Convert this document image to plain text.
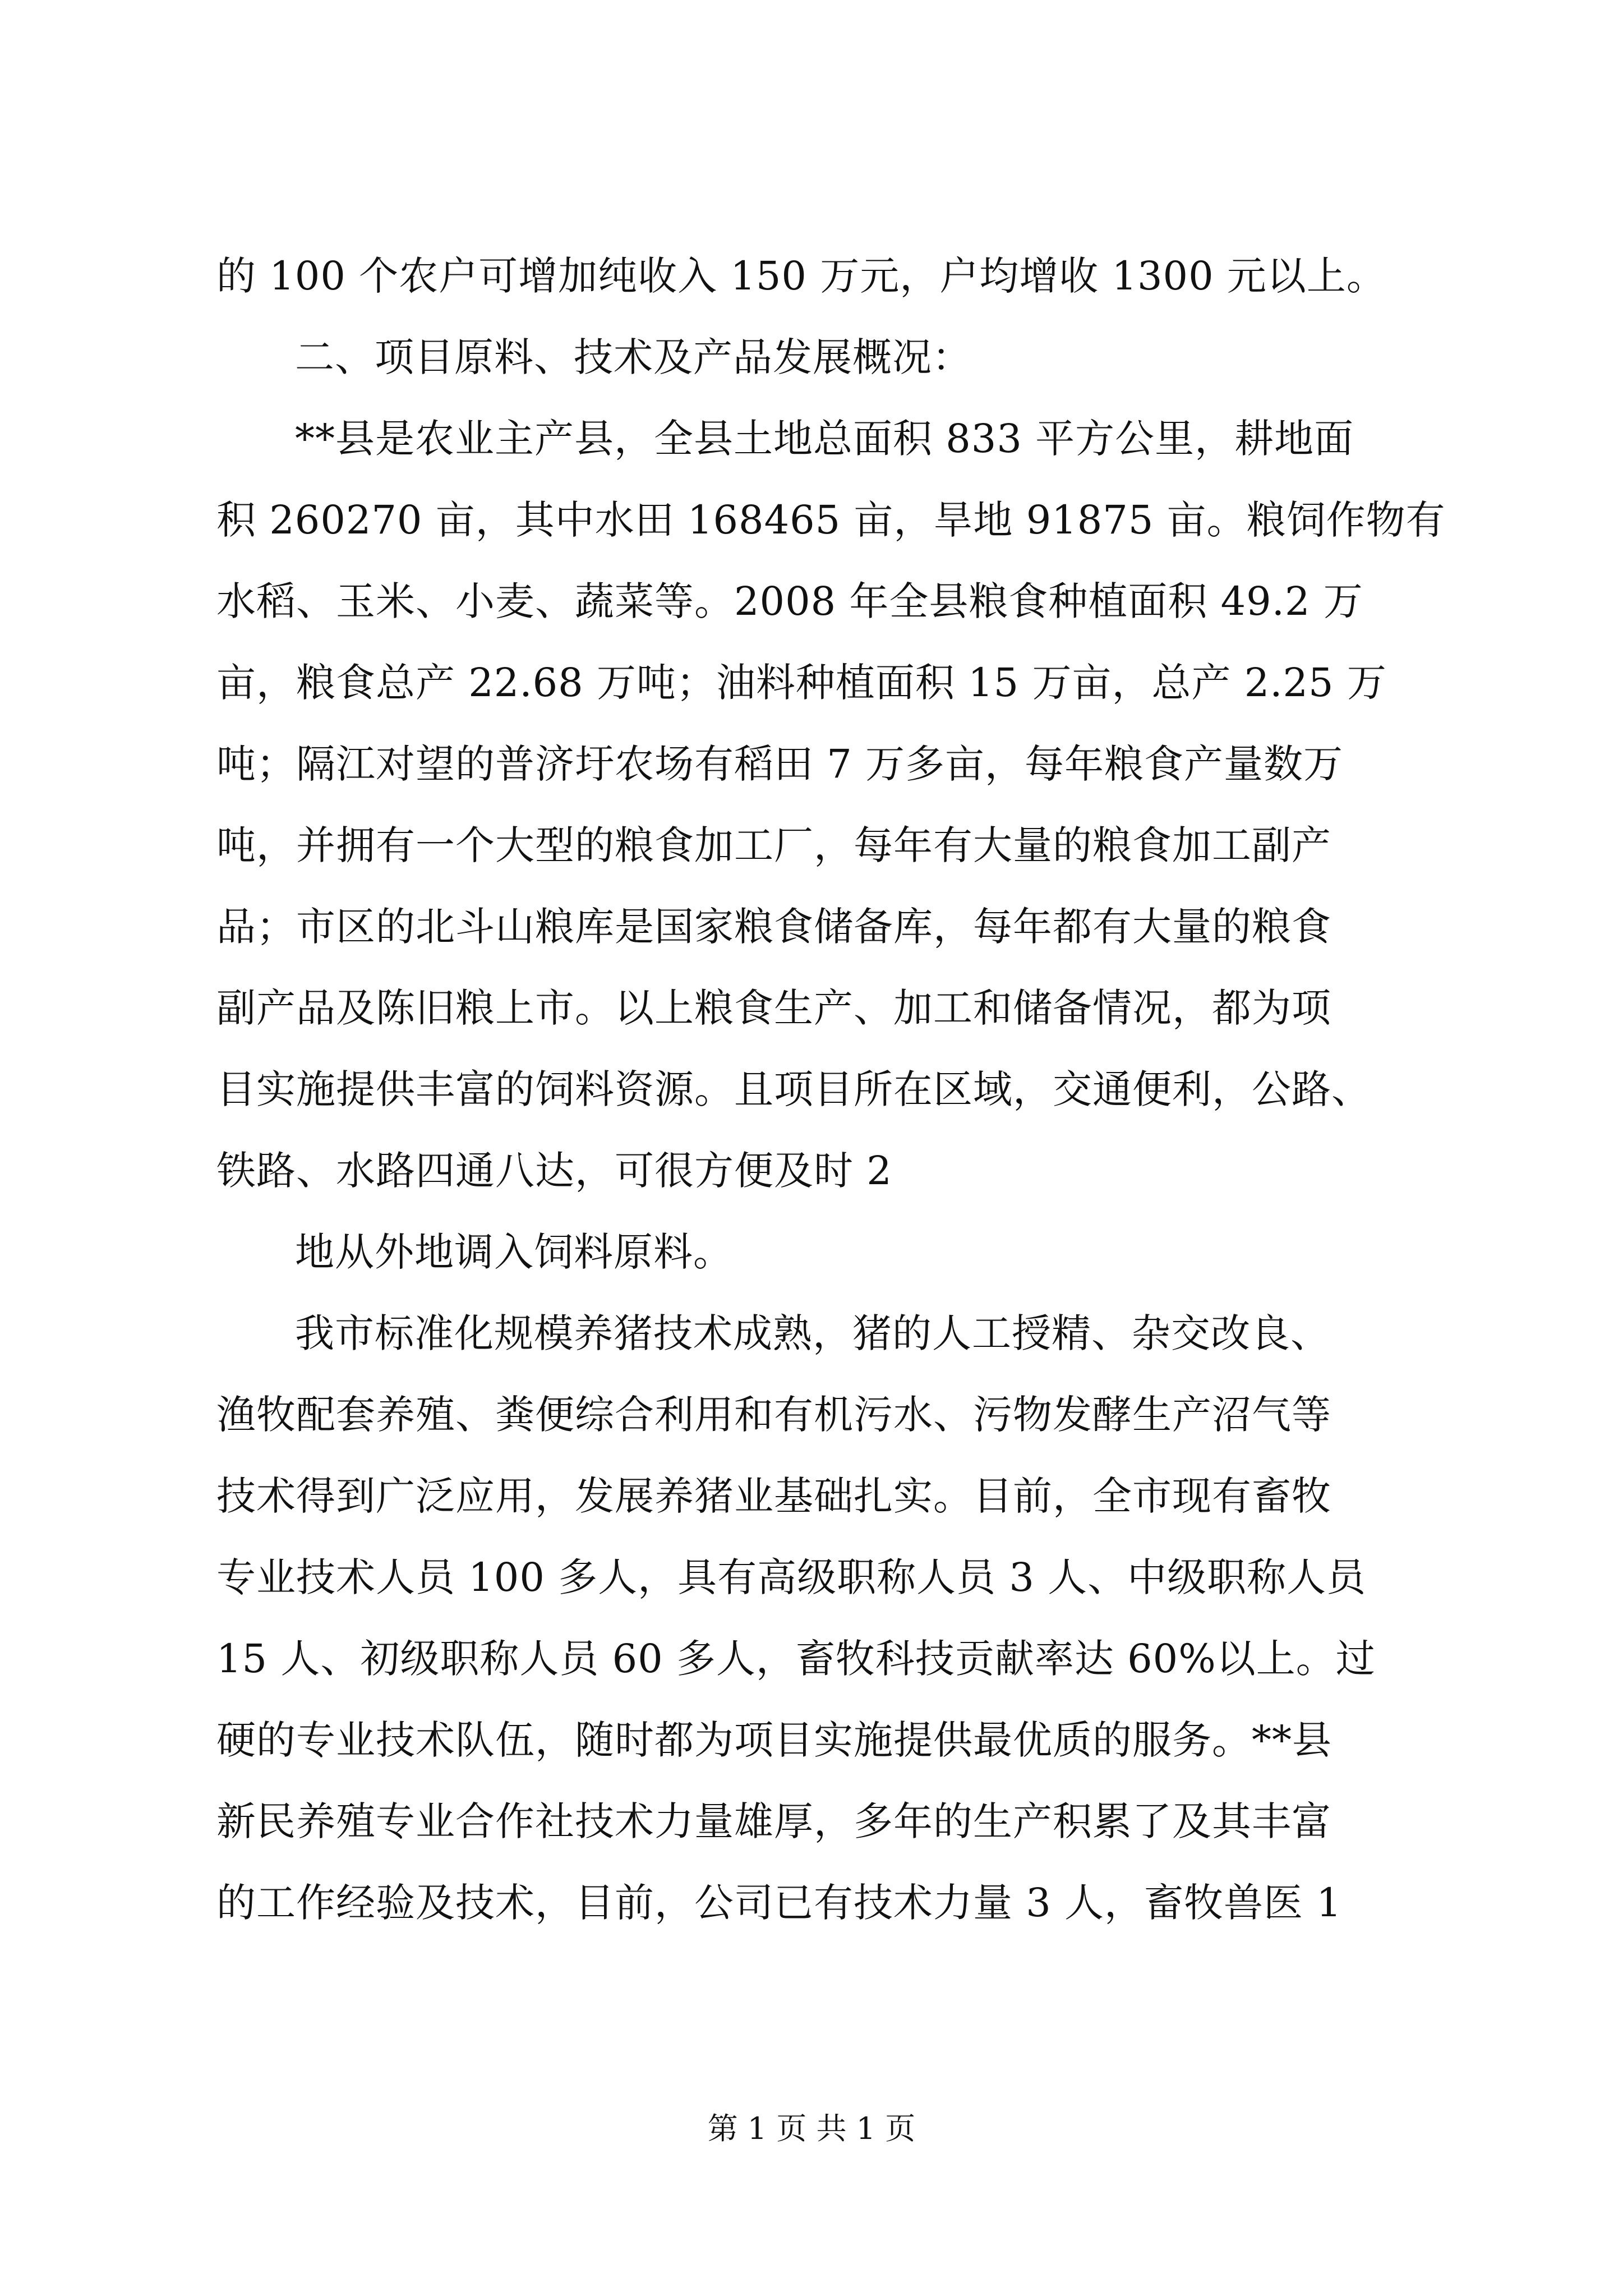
的 100 个农户可增加纯收入 150 万元，户均增收 1300 元以上。
二、项目原料、技术及产品发展概况：
**县是农业主产县，全县土地总面积 833 平方公里，耕地面
积 260270 亩，其中水田 168465 亩，旱地 91875 亩。粮饲作物有
水稻、玉米、小麦、蔬菜等。2008 年全县粮食种植面积 49.2 万
亩，粮食总产 22.68 万吨；油料种植面积 15 万亩，总产 2.25 万
吨；隔江对望的普济圩农场有稻田 7 万多亩，每年粮食产量数万
吨，并拥有一个大型的粮食加工厂，每年有大量的粮食加工副产
品；市区的北斗山粮库是国家粮食储备库，每年都有大量的粮食
副产品及陈旧粮上市。以上粮食生产、加工和储备情况，都为项
目实施提供丰富的饲料资源。且项目所在区域，交通便利，公路、
铁路、水路四通八达，可很方便及时 2
地从外地调入饲料原料。
我市标准化规模养猪技术成熟，猪的人工授精、杂交改良、
渔牧配套养殖、粪便综合利用和有机污水、污物发酵生产沼气等
技术得到广泛应用，发展养猪业基础扎实。目前，全市现有畜牧
专业技术人员 100 多人，具有高级职称人员 3 人、中级职称人员
15 人、初级职称人员 60 多人，畜牧科技贡献率达 60%以上。过
硬的专业技术队伍，随时都为项目实施提供最优质的服务。**县
新民养殖专业合作社技术力量雄厚，多年的生产积累了及其丰富
的工作经验及技术，目前，公司已有技术力量 3 人，畜牧兽医 1
第 1 页 共 1 页
